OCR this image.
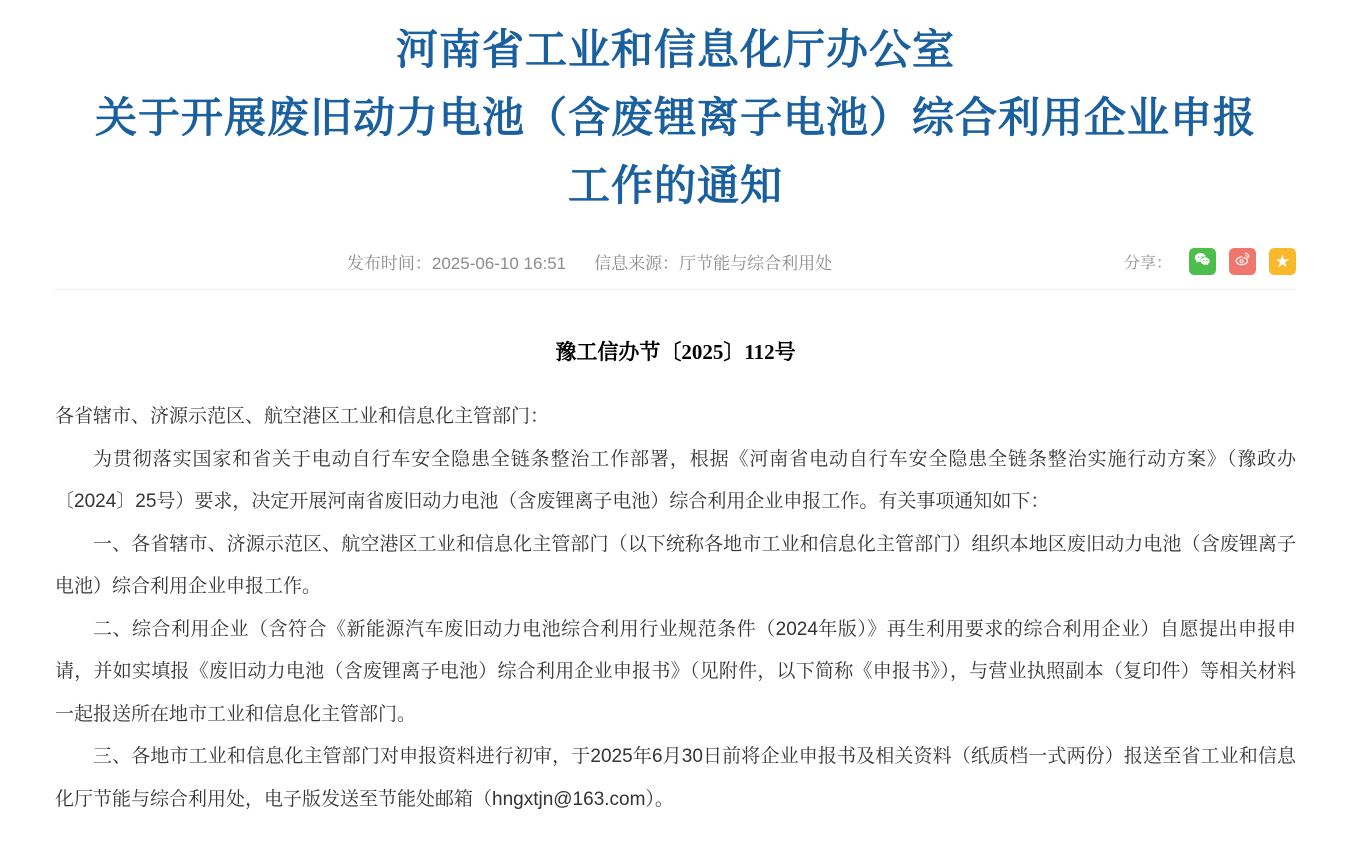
河南省工业和信息化厅办公室
关于开展废旧动力电池（含废锂离子电池）综合利用企业申报
工作的通知
发布时间：2025-06-10 16:51 信息来源：厅节能与综合利用处	分享：	★
豫工信办节〔2025〕112号

各省辖市、济源示范区、航空港区工业和信息化主管部门：

为贯彻落实国家和省关于电动自行车安全隐患全链条整治工作部署，根据《河南省电动自行车安全隐患全链条整治实施行动方案》（豫政办〔2024〕25号）要求，决定开展河南省废旧动力电池（含废锂离子电池）综合利用企业申报工作。有关事项通知如下：

一、各省辖市、济源示范区、航空港区工业和信息化主管部门（以下统称各地市工业和信息化主管部门）组织本地区废旧动力电池（含废锂离子电池）综合利用企业申报工作。

二、综合利用企业（含符合《新能源汽车废旧动力电池综合利用行业规范条件（2024年版）》再生利用要求的综合利用企业）自愿提出申报申请，并如实填报《废旧动力电池（含废锂离子电池）综合利用企业申报书》（见附件，以下简称《申报书》），与营业执照副本（复印件）等相关材料一起报送所在地市工业和信息化主管部门。

三、各地市工业和信息化主管部门对申报资料进行初审，于2025年6月30日前将企业申报书及相关资料（纸质档一式两份）报送至省工业和信息化厅节能与综合利用处，电子版发送至节能处邮箱（hngxtjn@163.com）。
